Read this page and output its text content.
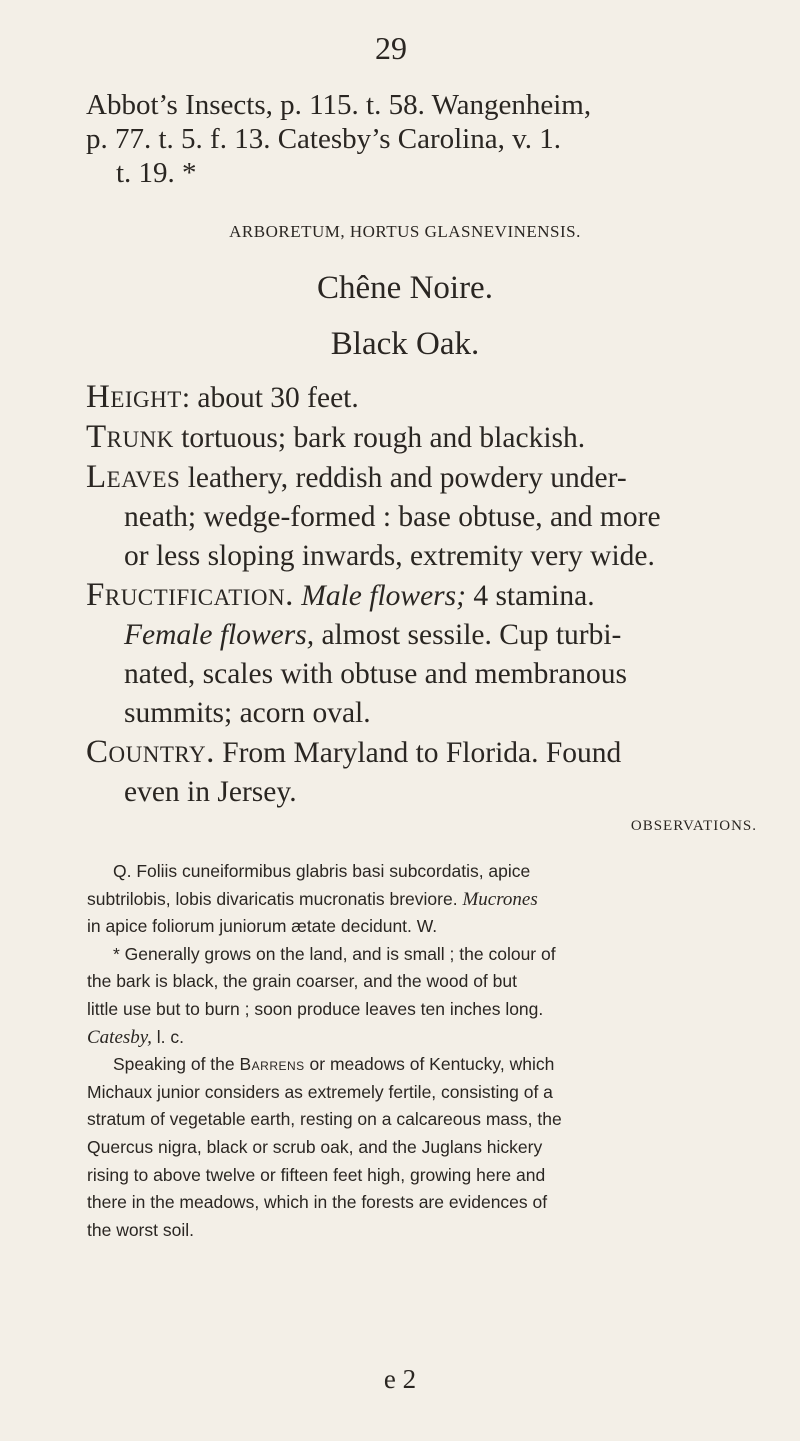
29
Abbot’s Insects, p. 115. t. 58. Wangenheim,
p. 77. t. 5. f. 13. Catesby’s Carolina, v. 1.
t. 19. *
ARBORETUM, HORTUS GLASNEVINENSIS.
Chêne Noire.
Black Oak.
Height: about 30 feet.
Trunk tortuous; bark rough and blackish.
Leaves leathery, reddish and powdery under-
neath; wedge-formed : base obtuse, and more
or less sloping inwards, extremity very wide.
Fructification. Male flowers; 4 stamina.
Female flowers, almost sessile. Cup turbi-
nated, scales with obtuse and membranous
summits; acorn oval.
Country. From Maryland to Florida. Found
even in Jersey.
OBSERVATIONS.
Q. Foliis cuneiformibus glabris basi subcordatis, apice
subtrilobis, lobis divaricatis mucronatis breviore. Mucrones
in apice foliorum juniorum ætate decidunt. W.
* Generally grows on the land, and is small ; the colour of
the bark is black, the grain coarser, and the wood of but
little use but to burn ; soon produce leaves ten inches long.
Catesby, l. c.
Speaking of the Barrens or meadows of Kentucky, which
Michaux junior considers as extremely fertile, consisting of a
stratum of vegetable earth, resting on a calcareous mass, the
Quercus nigra, black or scrub oak, and the Juglans hickery
rising to above twelve or fifteen feet high, growing here and
there in the meadows, which in the forests are evidences of
the worst soil.
e 2
